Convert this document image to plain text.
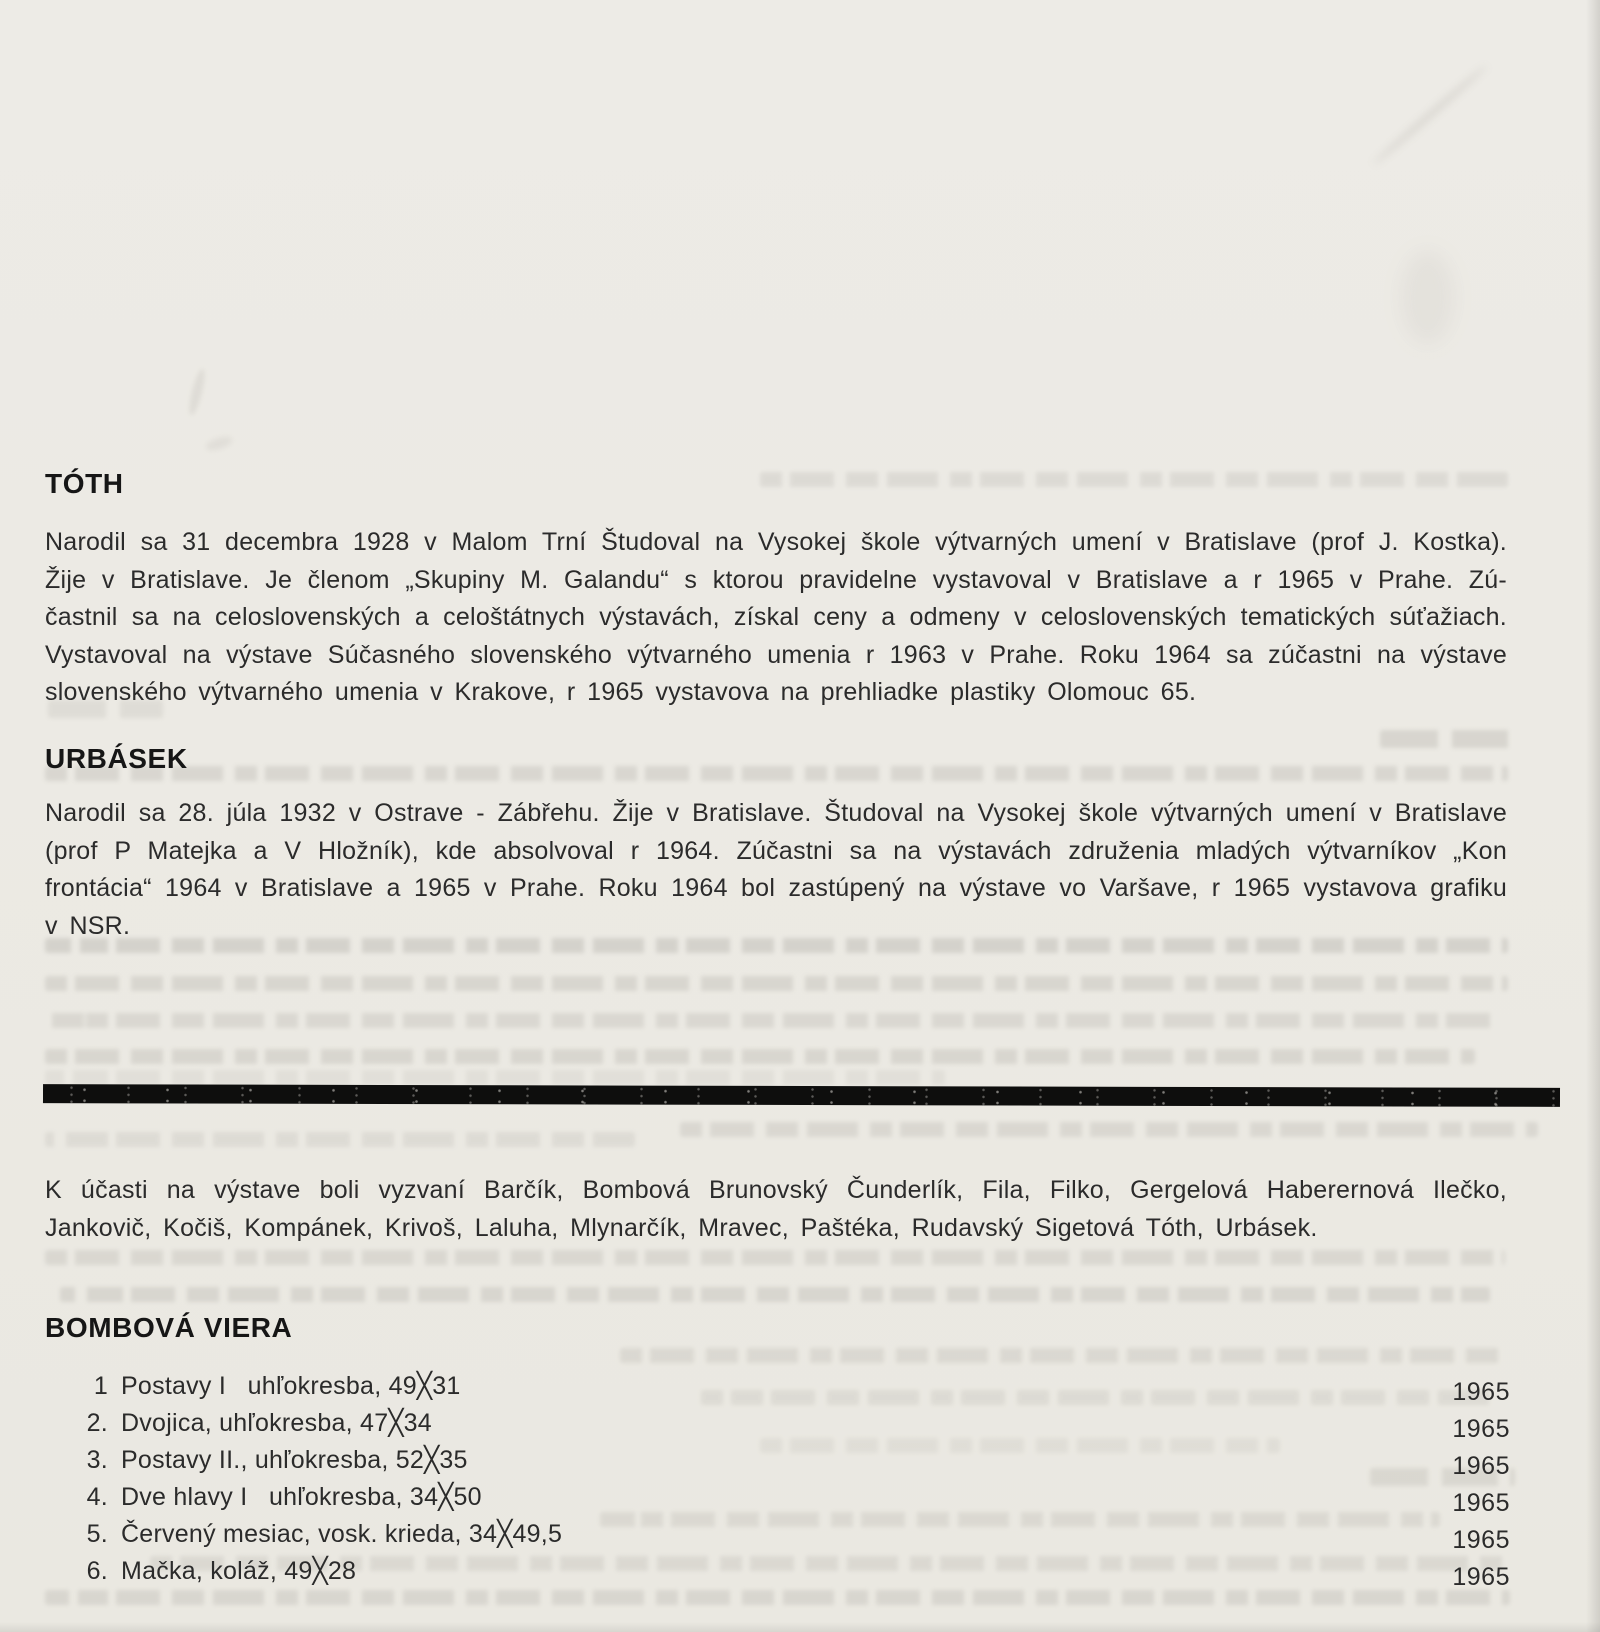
TÓTH
Narodil sa 31 decembra 1928 v Malom Trní Študoval na Vysokej škole výtvarných umení v Bratislave (prof J. Kostka).
Žije v Bratislave. Je členom „Skupiny M. Galandu“ s ktorou pravidelne vystavoval v Bratislave a r 1965 v Prahe. Zú-
častnil sa na celoslovenských a celoštátnych výstavách, získal ceny a odmeny v celoslovenských tematických súťažiach.
Vystavoval na výstave Súčasného slovenského výtvarného umenia r 1963 v Prahe. Roku 1964 sa zúčastni na výstave
slovenského výtvarného umenia v Krakove, r 1965 vystavova na prehliadke plastiky Olomouc 65.
URBÁSEK
Narodil sa 28. júla 1932 v Ostrave - Zábřehu. Žije v Bratislave. Študoval na Vysokej škole výtvarných umení v Bratislave
(prof P Matejka a V Hložník), kde absolvoval r 1964. Zúčastni sa na výstavách združenia mladých výtvarníkov „Kon
frontácia“ 1964 v Bratislave a 1965 v Prahe. Roku 1964 bol zastúpený na výstave vo Varšave, r 1965 vystavova grafiku
v NSR.
K účasti na výstave boli vyzvaní Barčík, Bombová Brunovský Čunderlík, Fila, Filko, Gergelová Haberernová Ilečko,
Jankovič, Kočiš, Kompánek, Krivoš, Laluha, Mlynarčík, Mravec, Paštéka, Rudavský Sigetová Tóth, Urbásek.
BOMBOVÁ VIERA
1 Postavy I   uhľokresba, 49╳31	1965
2. Dvojica, uhľokresba, 47╳34	1965
3. Postavy II., uhľokresba, 52╳35	1965
4. Dve hlavy I   uhľokresba, 34╳50	1965
5. Červený mesiac, vosk. krieda, 34╳49,5	1965
6. Mačka, koláž, 49╳28	1965
